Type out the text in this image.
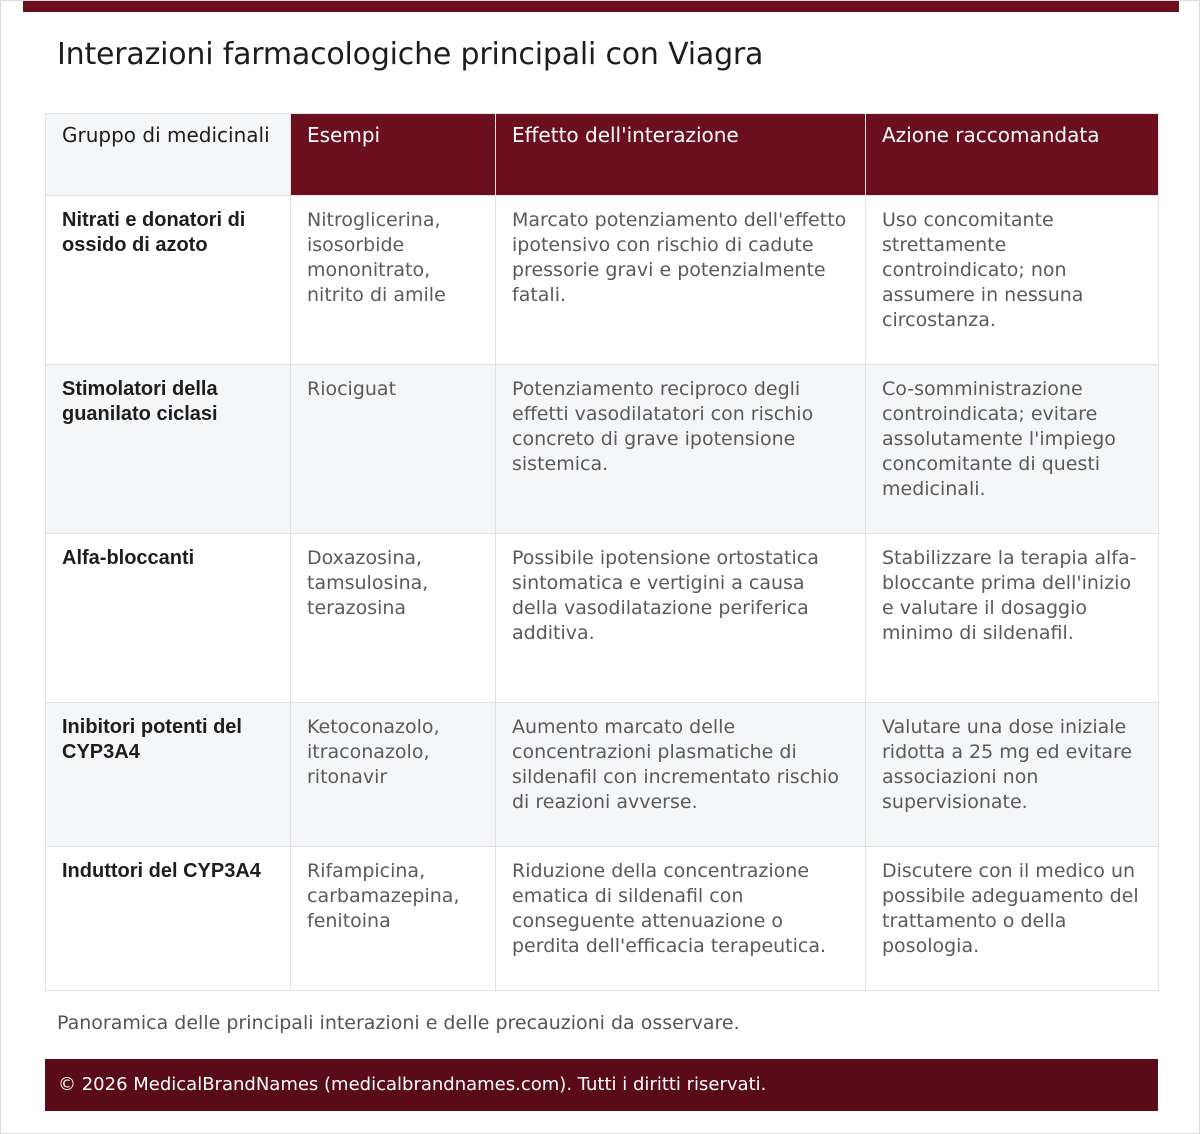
Interazioni farmacologiche principali con Viagra
Gruppo di medicinali	Esempi	Effetto dell'interazione	Azione raccomandata
Nitrati e donatori di ossido di azoto	Nitroglicerina, isosorbide mononitrato, nitrito di amile	Marcato potenziamento dell'effetto ipotensivo con rischio di cadute pressorie gravi e potenzialmente fatali.	Uso concomitante strettamente controindicato; non assumere in nessuna circostanza.
Stimolatori della guanilato ciclasi	Riociguat	Potenziamento reciproco degli effetti vasodilatatori con rischio concreto di grave ipotensione sistemica.	Co-somministrazione controindicata; evitare assolutamente l'impiego concomitante di questi medicinali.
Alfa-bloccanti	Doxazosina, tamsulosina, terazosina	Possibile ipotensione ortostatica sintomatica e vertigini a causa della vasodilatazione periferica additiva.	Stabilizzare la terapia alfa-bloccante prima dell'inizio e valutare il dosaggio minimo di sildenafil.
Inibitori potenti del CYP3A4	Ketoconazolo, itraconazolo, ritonavir	Aumento marcato delle concentrazioni plasmatiche di sildenafil con incrementato rischio di reazioni avverse.	Valutare una dose iniziale ridotta a 25 mg ed evitare associazioni non supervisionate.
Induttori del CYP3A4	Rifampicina, carbamazepina, fenitoina	Riduzione della concentrazione ematica di sildenafil con conseguente attenuazione o perdita dell'efficacia terapeutica.	Discutere con il medico un possibile adeguamento del trattamento o della posologia.

Panoramica delle principali interazioni e delle precauzioni da osservare.

© 2026 MedicalBrandNames (medicalbrandnames.com). Tutti i diritti riservati.
